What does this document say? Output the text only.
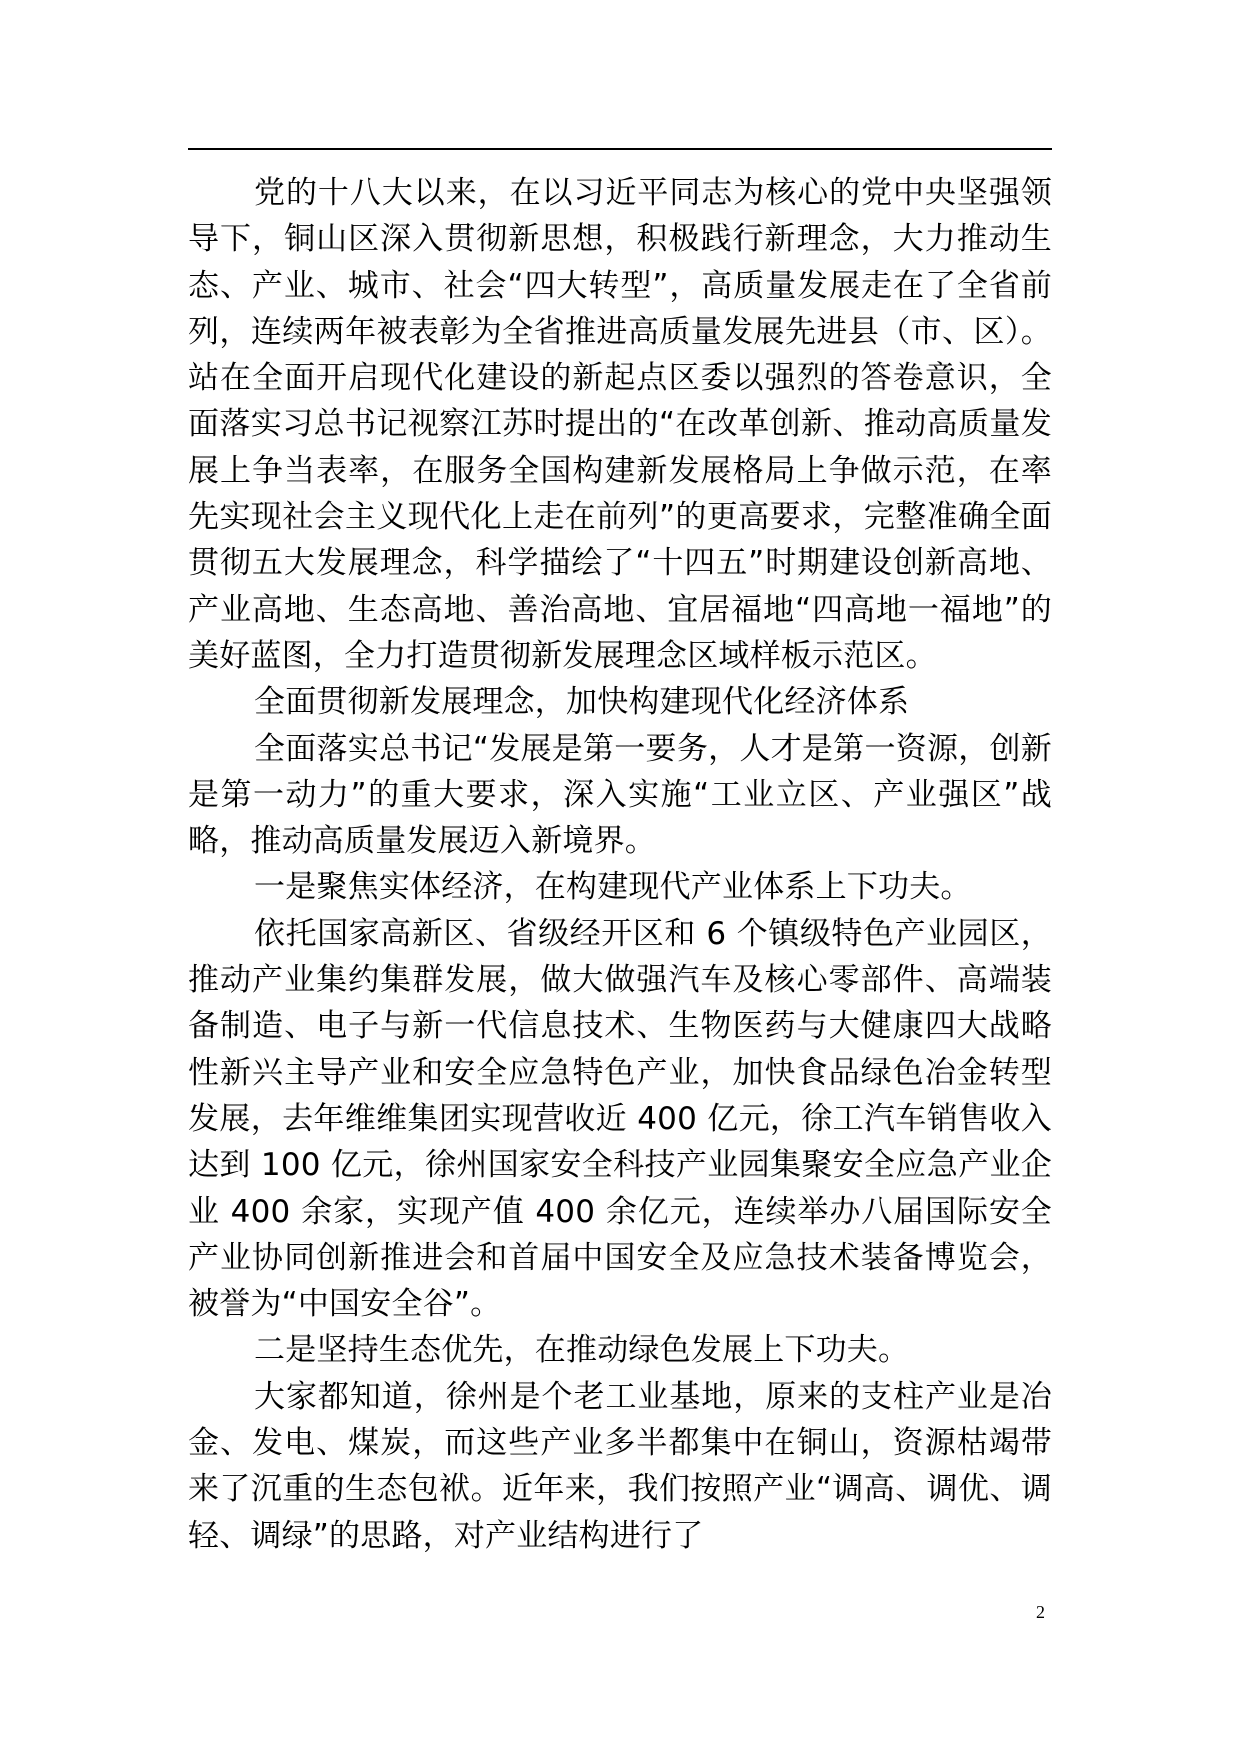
党的十八大以来，在以习近平同志为核心的党中央坚强领导下，铜山区深入贯彻新思想，积极践行新理念，大力推动生态、产业、城市、社会“四大转型”，高质量发展走在了全省前列，连续两年被表彰为全省推进高质量发展先进县（市、区）。站在全面开启现代化建设的新起点区委以强烈的答卷意识，全面落实习总书记视察江苏时提出的“在改革创新、推动高质量发展上争当表率，在服务全国构建新发展格局上争做示范，在率先实现社会主义现代化上走在前列”的更高要求，完整准确全面贯彻五大发展理念，科学描绘了“十四五”时期建设创新高地、产业高地、生态高地、善治高地、宜居福地“四高地一福地”的美好蓝图，全力打造贯彻新发展理念区域样板示范区。

全面贯彻新发展理念，加快构建现代化经济体系

全面落实总书记“发展是第一要务，人才是第一资源，创新是第一动力”的重大要求，深入实施“工业立区、产业强区”战略，推动高质量发展迈入新境界。

一是聚焦实体经济，在构建现代产业体系上下功夫。

依托国家高新区、省级经开区和 6 个镇级特色产业园区，推动产业集约集群发展，做大做强汽车及核心零部件、高端装备制造、电子与新一代信息技术、生物医药与大健康四大战略性新兴主导产业和安全应急特色产业，加快食品绿色冶金转型发展，去年维维集团实现营收近 400 亿元，徐工汽车销售收入达到 100 亿元，徐州国家安全科技产业园集聚安全应急产业企业 400 余家，实现产值 400 余亿元，连续举办八届国际安全产业协同创新推进会和首届中国安全及应急技术装备博览会，被誉为“中国安全谷”。

二是坚持生态优先，在推动绿色发展上下功夫。

大家都知道，徐州是个老工业基地，原来的支柱产业是冶金、发电、煤炭，而这些产业多半都集中在铜山，资源枯竭带来了沉重的生态包袱。近年来，我们按照产业“调高、调优、调轻、调绿”的思路，对产业结构进行了

2
